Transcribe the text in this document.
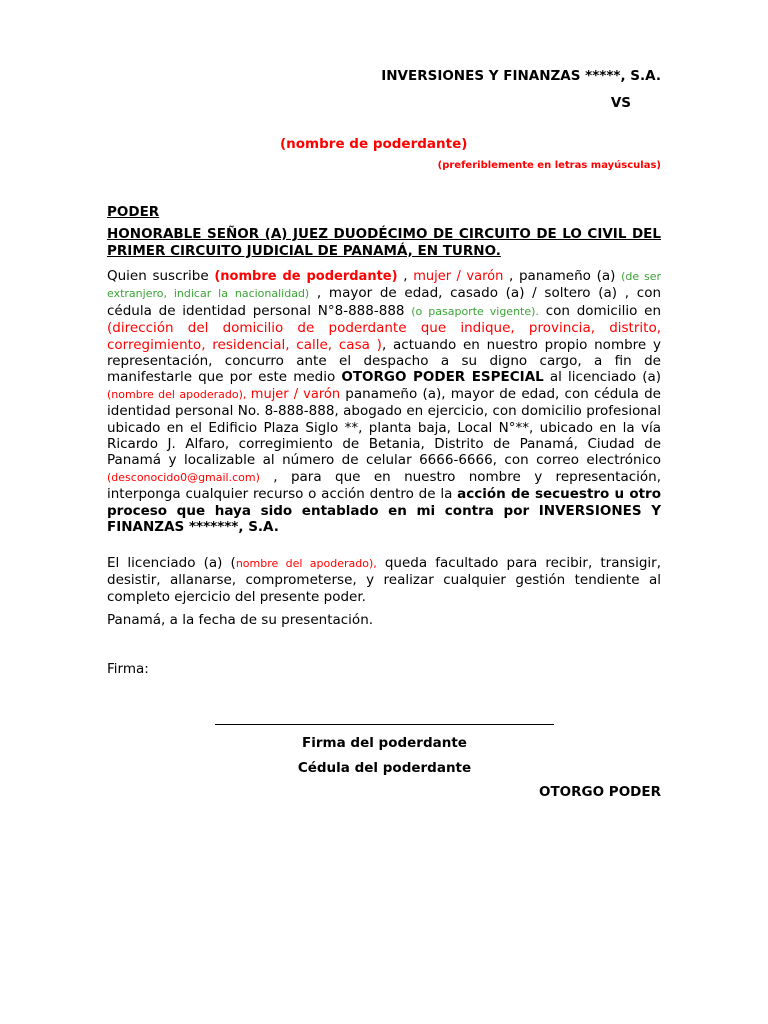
INVERSIONES Y FINANZAS *****, S.A.
VS
(nombre de poderdante)
(preferiblemente en letras mayúsculas)
PODER
HONORABLE SEÑOR (A) JUEZ DUODÉCIMO DE CIRCUITO DE LO CIVIL DEL PRIMER CIRCUITO JUDICIAL DE PANAMÁ, EN TURNO.
Quien suscribe (nombre de poderdante) , mujer / varón , panameño (a) (de ser extranjero, indicar la nacionalidad) , mayor de edad, casado (a) / soltero (a) , con cédula de identidad personal N°8-888-888 (o pasaporte vigente). con domicilio en (dirección del domicilio de poderdante que indique, provincia, distrito, corregimiento, residencial, calle, casa ), actuando en nuestro propio nombre y representación, concurro ante el despacho a su digno cargo, a fin de manifestarle que por este medio OTORGO PODER ESPECIAL al licenciado (a) (nombre del apoderado), mujer / varón panameño (a), mayor de edad, con cédula de identidad personal No. 8-888-888, abogado en ejercicio, con domicilio profesional ubicado en el Edificio Plaza Siglo **, planta baja, Local N°**, ubicado en la vía Ricardo J. Alfaro, corregimiento de Betania, Distrito de Panamá, Ciudad de Panamá y localizable al número de celular 6666-6666, con correo electrónico (desconocido0@gmail.com) , para que en nuestro nombre y representación, interponga cualquier recurso o acción dentro de la acción de secuestro u otro proceso que haya sido entablado en mi contra por INVERSIONES Y FINANZAS *******, S.A.
El licenciado (a) (nombre del apoderado), queda facultado para recibir, transigir, desistir, allanarse, comprometerse, y realizar cualquier gestión tendiente al completo ejercicio del presente poder.
Panamá, a la fecha de su presentación.
Firma:
Firma del poderdante
Cédula del poderdante
OTORGO PODER
